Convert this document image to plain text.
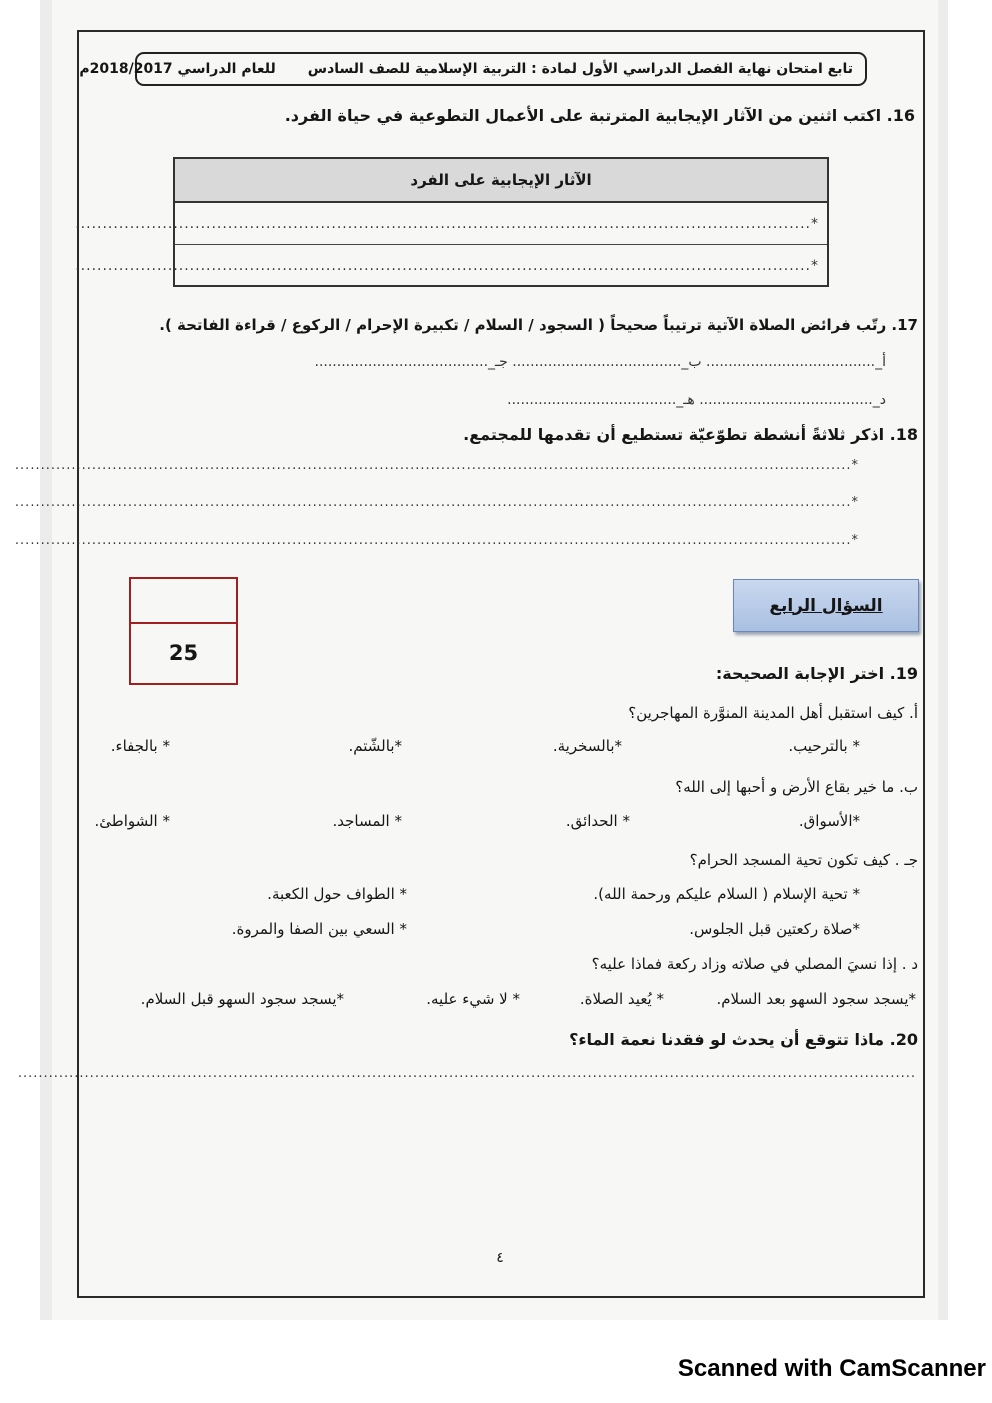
تابع امتحان نهاية الفصل الدراسي الأول لمادة : التربية الإسلامية للصف السادس
للعام الدراسي 2018/2017م
16. اكتب اثنين من الآثار الإيجابية المترتبة على الأعمال التطوعية في حياة الفرد.
الآثار الإيجابية على الفرد
*.......................................................................................................................................
*.......................................................................................................................................
17. رتّب فرائض الصلاة الآتية ترتيباً صحيحاً ( السجود / السلام / تكبيرة الإحرام / الركوع / قراءة الفاتحة ).
أ_...................................... ب_...................................... جـ_.......................................
د_....................................... هـ_......................................
18. اذكر ثلاثةً أنشطة تطوّعيّة تستطيع أن تقدمها للمجتمع.
*...................................................................................................................................................................
*...................................................................................................................................................................
*...................................................................................................................................................................
25
السؤال الرابع
19. اختر الإجابة الصحيحة:
أ. كيف استقبل أهل المدينة المنوَّرة المهاجرين؟
* بالترحيب.
*بالسخرية.
*بالشّتم.
* بالجفاء.
ب. ما خير بقاع الأرض و أحبها إلى الله؟
*الأسواق.
* الحدائق.
* المساجد.
* الشواطئ.
جـ . كيف تكون تحية المسجد الحرام؟
* تحية الإسلام ( السلام عليكم ورحمة الله).
* الطواف حول الكعبة.
*صلاة ركعتين قبل الجلوس.
* السعي بين الصفا والمروة.
د . إذا نسيَ المصلي في صلاته وزاد ركعة فماذا عليه؟
*يسجد سجود السهو بعد السلام.
* يُعيد الصلاة.
* لا شيء عليه.
*يسجد سجود السهو قبل السلام.
20. ماذا تتوقع أن يحدث لو فقدنا نعمة الماء؟
...............................................................................................................................................................................
٤
Scanned with CamScanner
